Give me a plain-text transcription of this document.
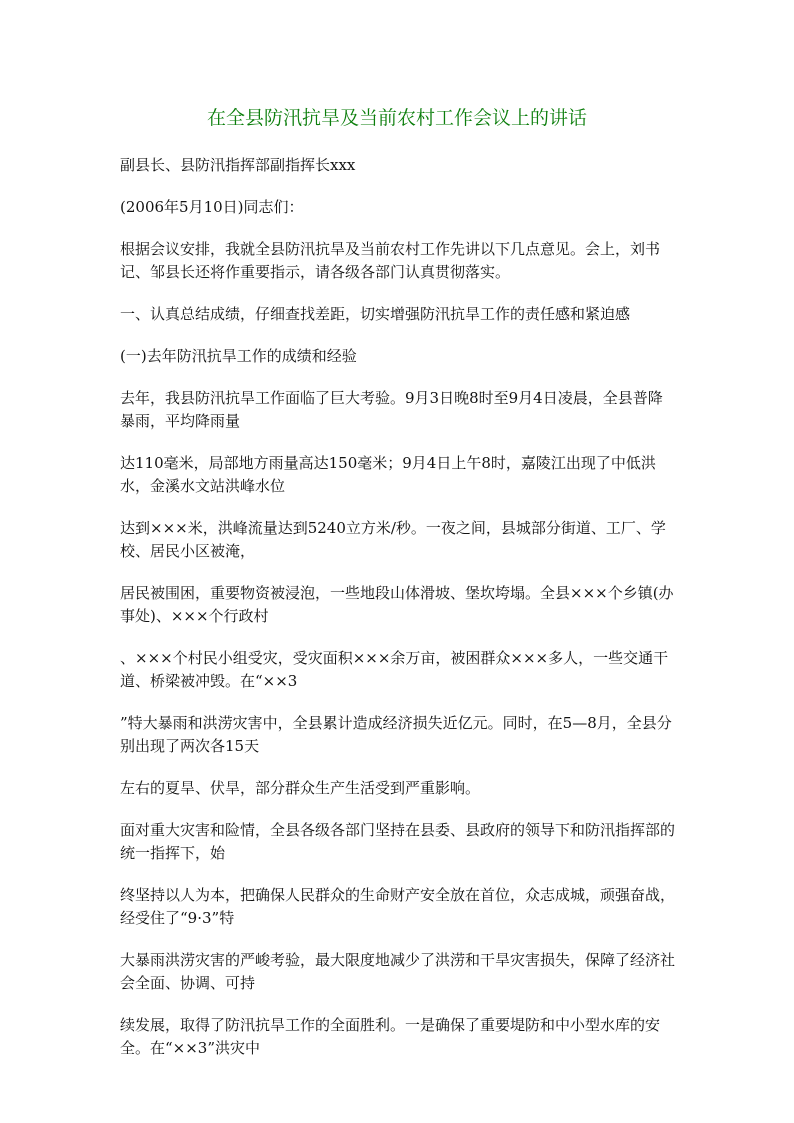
在全县防汛抗旱及当前农村工作会议上的讲话

副县长、县防汛指挥部副指挥长xxx

(2006年5月10日)同志们：

根据会议安排，我就全县防汛抗旱及当前农村工作先讲以下几点意见。会上，刘书记、邹县长还将作重要指示，请各级各部门认真贯彻落实。

一、认真总结成绩，仔细查找差距，切实增强防汛抗旱工作的责任感和紧迫感

(一)去年防汛抗旱工作的成绩和经验

去年，我县防汛抗旱工作面临了巨大考验。9月3日晚8时至9月4日凌晨，全县普降暴雨，平均降雨量

达110毫米，局部地方雨量高达150毫米；9月4日上午8时，嘉陵江出现了中低洪水，金溪水文站洪峰水位

达到×××米，洪峰流量达到5240立方米/秒。一夜之间，县城部分街道、工厂、学校、居民小区被淹，

居民被围困，重要物资被浸泡，一些地段山体滑坡、堡坎垮塌。全县×××个乡镇(办事处)、×××个行政村

、×××个村民小组受灾，受灾面积×××余万亩，被困群众×××多人，一些交通干道、桥梁被冲毁。在“××3

”特大暴雨和洪涝灾害中，全县累计造成经济损失近亿元。同时，在5—8月，全县分别出现了两次各15天

左右的夏旱、伏旱，部分群众生产生活受到严重影响。

面对重大灾害和险情，全县各级各部门坚持在县委、县政府的领导下和防汛指挥部的统一指挥下，始

终坚持以人为本，把确保人民群众的生命财产安全放在首位，众志成城，顽强奋战，经受住了“9·3”特

大暴雨洪涝灾害的严峻考验，最大限度地减少了洪涝和干旱灾害损失，保障了经济社会全面、协调、可持

续发展，取得了防汛抗旱工作的全面胜利。一是确保了重要堤防和中小型水库的安全。在“××3”洪灾中
